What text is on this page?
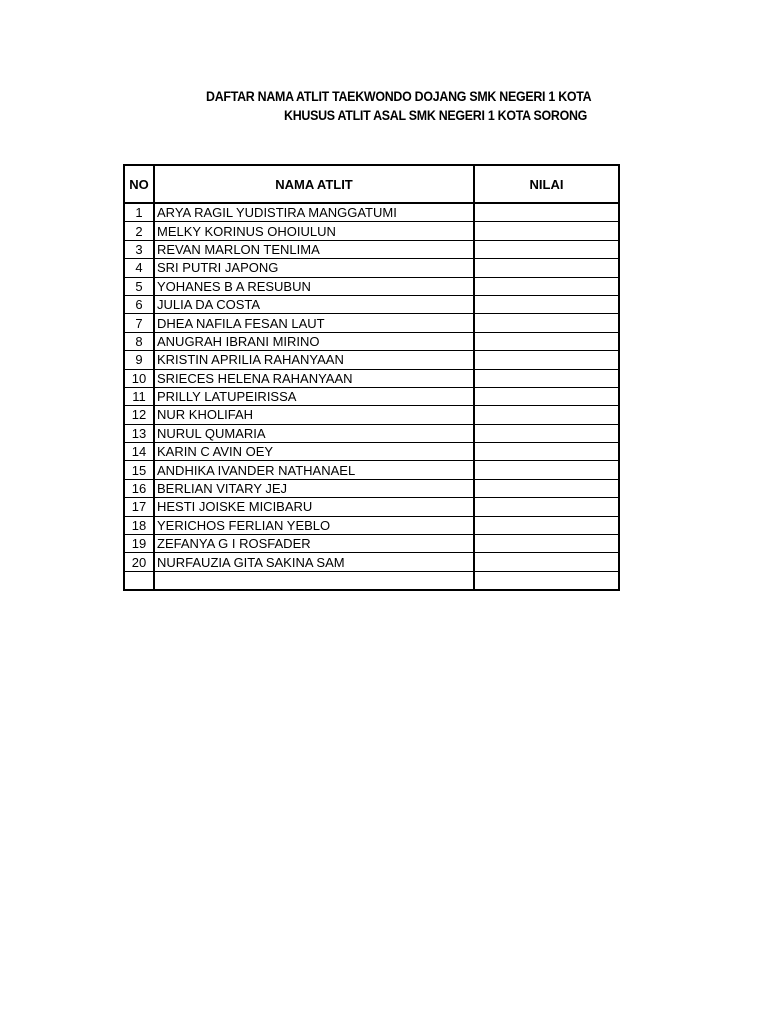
DAFTAR NAMA ATLIT TAEKWONDO DOJANG SMK NEGERI 1 KOTA
KHUSUS ATLIT ASAL SMK NEGERI 1 KOTA SORONG
NO	NAMA ATLIT	NILAI
1	ARYA RAGIL YUDISTIRA MANGGATUMI	
2	MELKY KORINUS OHOIULUN	
3	REVAN MARLON TENLIMA	
4	SRI PUTRI JAPONG	
5	YOHANES B A RESUBUN	
6	JULIA DA COSTA	
7	DHEA NAFILA FESAN LAUT	
8	ANUGRAH IBRANI MIRINO	
9	KRISTIN APRILIA RAHANYAAN	
10	SRIECES HELENA RAHANYAAN	
11	PRILLY LATUPEIRISSA	
12	NUR KHOLIFAH	
13	NURUL QUMARIA	
14	KARIN C AVIN OEY	
15	ANDHIKA IVANDER NATHANAEL	
16	BERLIAN VITARY JEJ	
17	HESTI JOISKE MICIBARU	
18	YERICHOS FERLIAN YEBLO	
19	ZEFANYA G I ROSFADER	
20	NURFAUZIA GITA SAKINA SAM	
